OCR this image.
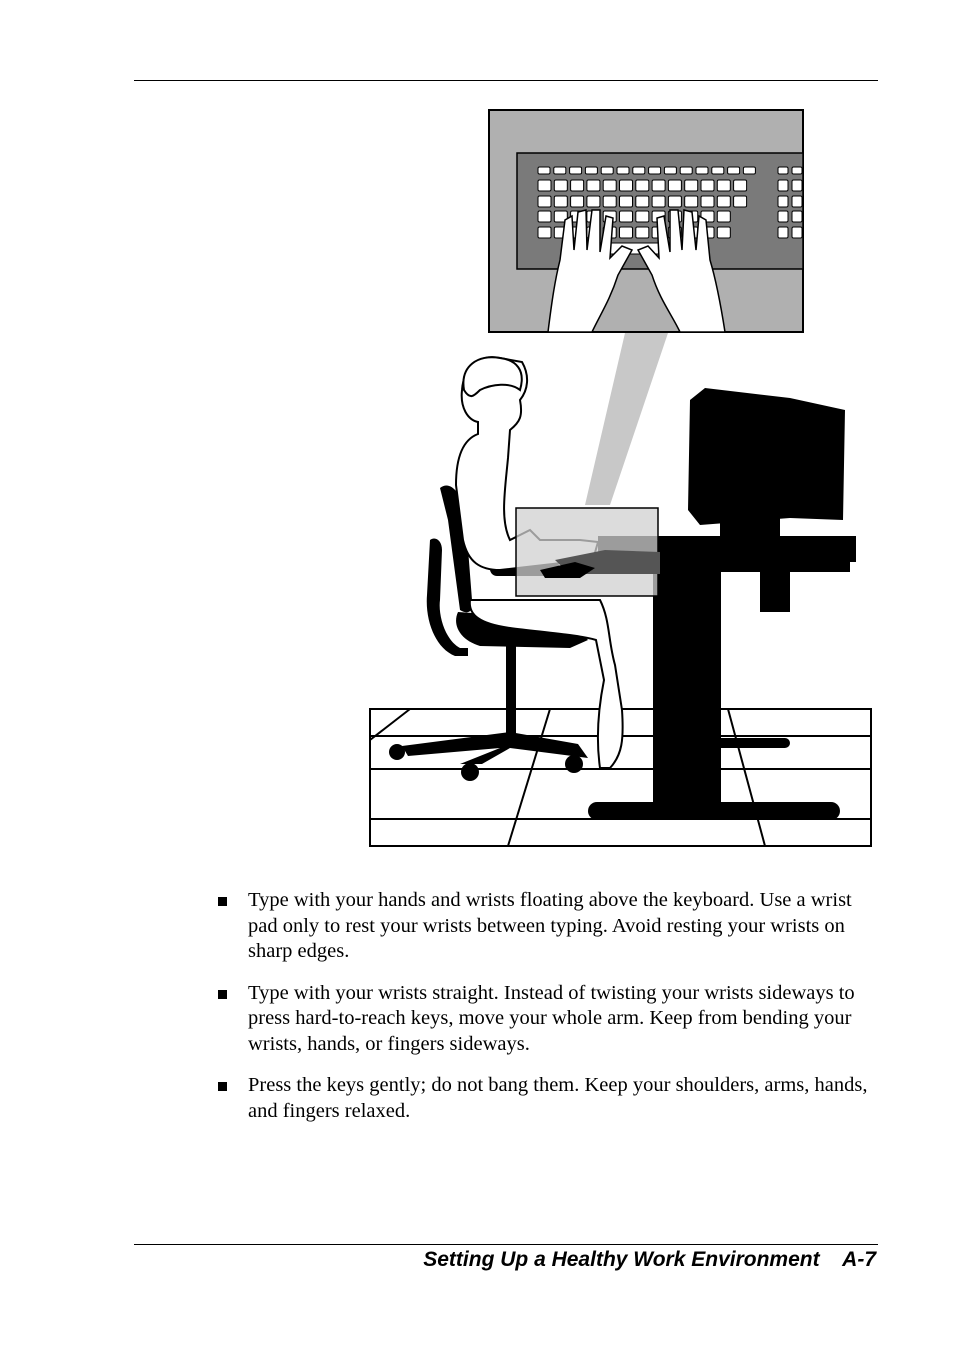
Type with your hands and wrists floating above the keyboard. Use a wrist pad only to rest your wrists between typing. Avoid resting your wrists on sharp edges.
Type with your wrists straight. Instead of twisting your wrists sideways to press hard-to-reach keys, move your whole arm. Keep from bending your wrists, hands, or fingers sideways.
Press the keys gently; do not bang them. Keep your shoulders, arms, hands, and fingers relaxed.
Setting Up a Healthy Work Environment A-7
